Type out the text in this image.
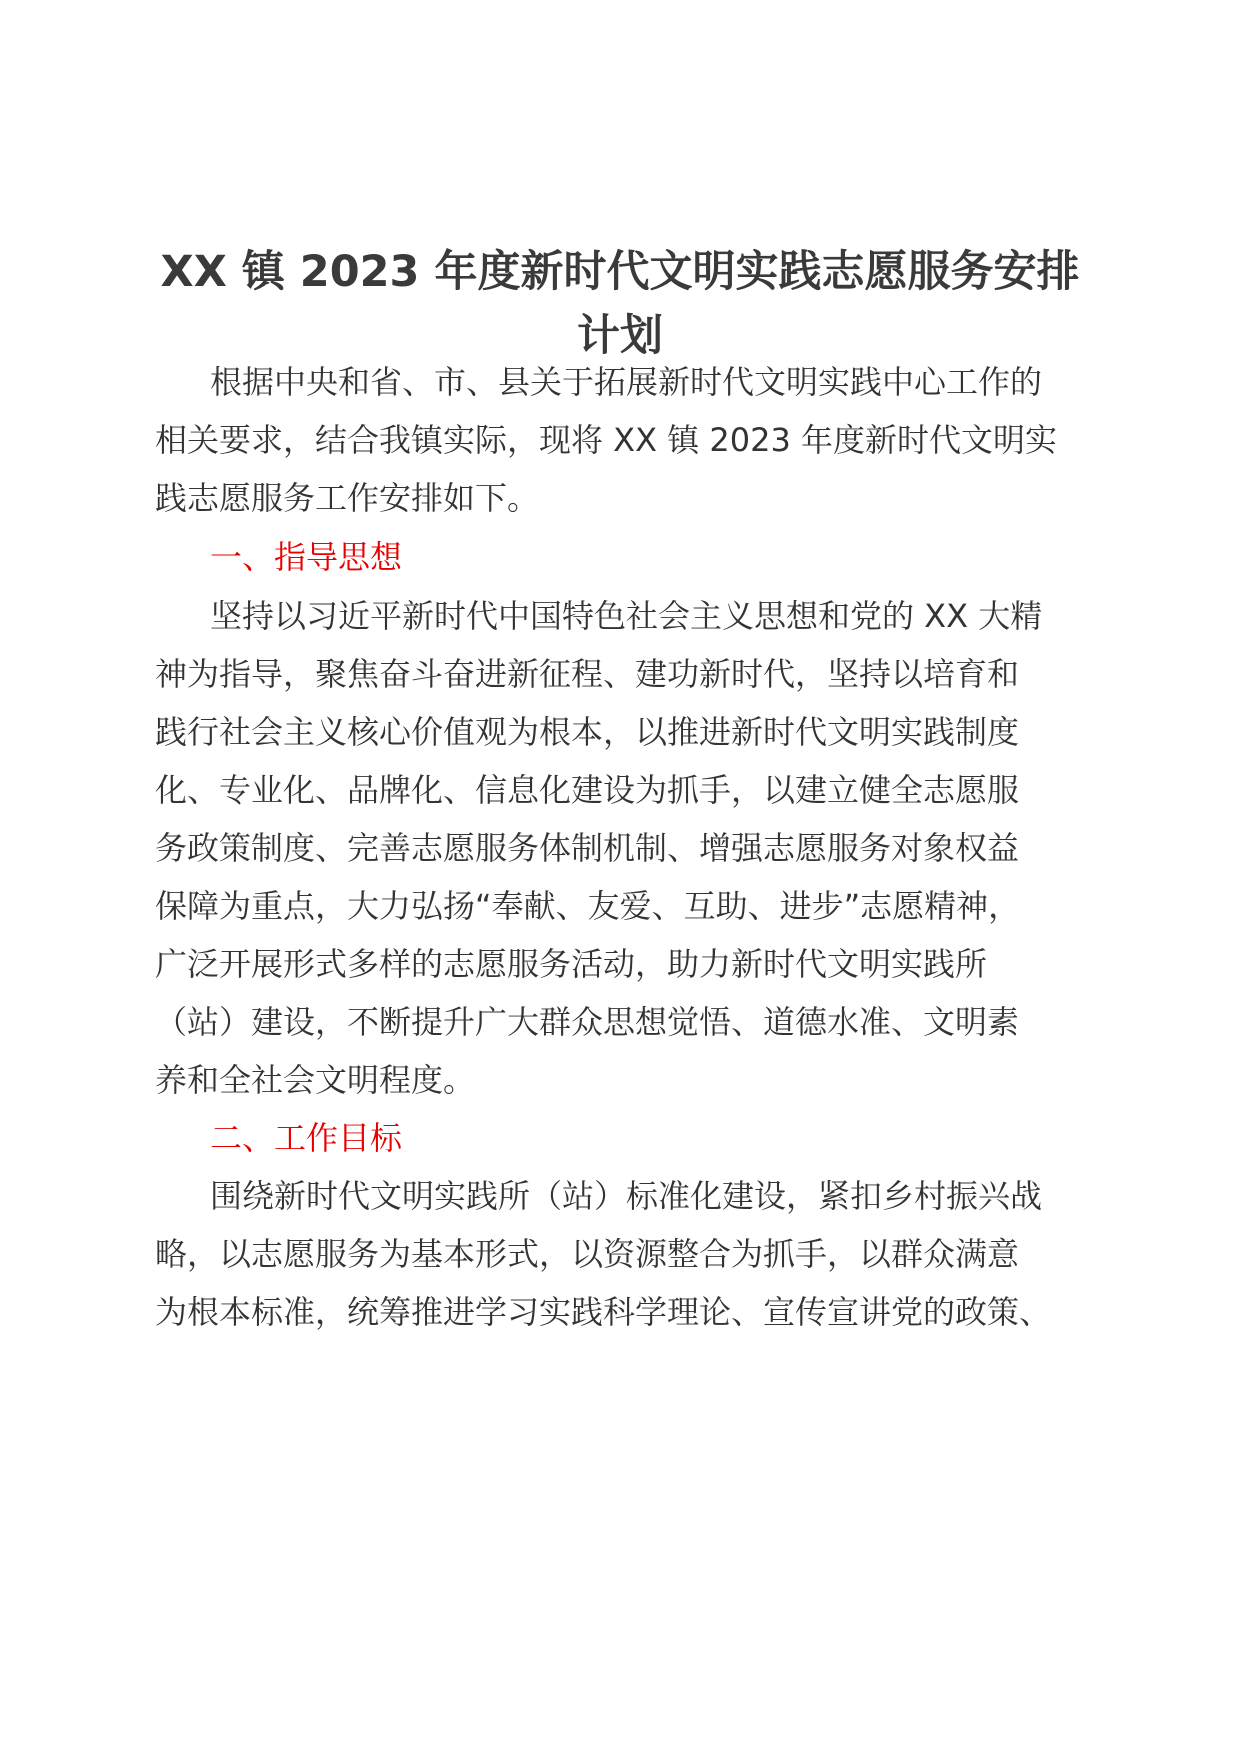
XX 镇 2023 年度新时代文明实践志愿服务安排计划

根据中央和省、市、县关于拓展新时代文明实践中心工作的

相关要求，结合我镇实际，现将 XX 镇 2023 年度新时代文明实

践志愿服务工作安排如下。

一、指导思想

坚持以习近平新时代中国特色社会主义思想和党的 XX 大精

神为指导，聚焦奋斗奋进新征程、建功新时代，坚持以培育和

践行社会主义核心价值观为根本，以推进新时代文明实践制度

化、专业化、品牌化、信息化建设为抓手，以建立健全志愿服

务政策制度、完善志愿服务体制机制、增强志愿服务对象权益

保障为重点，大力弘扬“奉献、友爱、互助、进步”志愿精神，

广泛开展形式多样的志愿服务活动，助力新时代文明实践所

（站）建设，不断提升广大群众思想觉悟、道德水准、文明素

养和全社会文明程度。

二、工作目标

围绕新时代文明实践所（站）标准化建设，紧扣乡村振兴战

略，以志愿服务为基本形式，以资源整合为抓手，以群众满意

为根本标准，统筹推进学习实践科学理论、宣传宣讲党的政策、
